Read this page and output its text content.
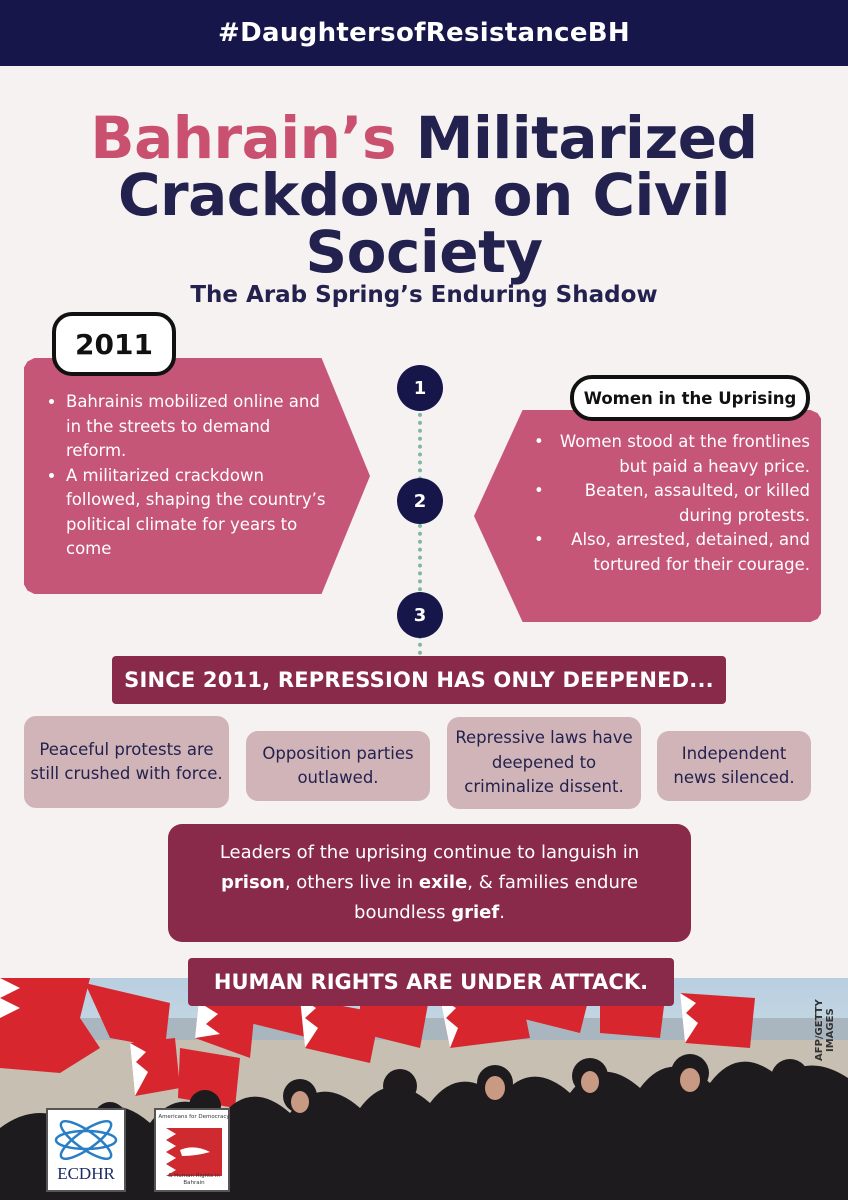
#DaughtersofResistanceBH
Bahrain’s Militarized Crackdown on Civil Society
The Arab Spring’s Enduring Shadow
2011
• Bahrainis mobilized online and in the streets to demand reform.
• A militarized crackdown followed, shaping the country’s political climate for years to come
1
2
3
Women in the Uprising
• Women stood at the frontlines but paid a heavy price.
• Beaten, assaulted, or killed during protests.
• Also, arrested, detained, and tortured for their courage.
SINCE 2011, REPRESSION HAS ONLY DEEPENED...
Peaceful protests are still crushed with force.
Opposition parties outlawed.
Repressive laws have deepened to criminalize dissent.
Independent news silenced.

Leaders of the uprising continue to languish in prison, others live in exile, & families endure boundless grief.

HUMAN RIGHTS ARE UNDER ATTACK.
AFP/GETTY IMAGES
ECDHR
Americans for Democracy
& Human Rights in Bahrain
